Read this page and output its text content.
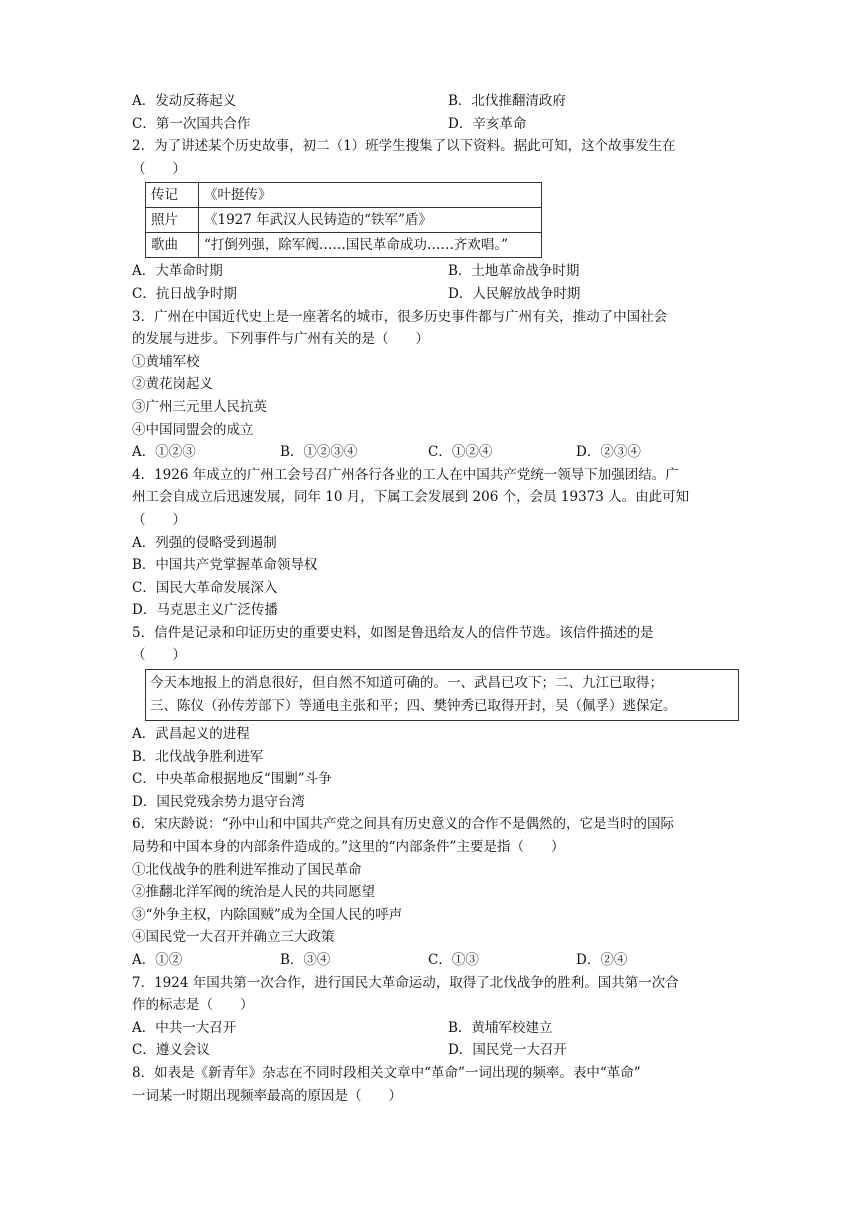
A．发动反蒋起义	B．北伐推翻清政府
C．第一次国共合作	D．辛亥革命
2．为了讲述某个历史故事，初二（1）班学生搜集了以下资料。据此可知，这个故事发生在
（　　）
传记	《叶挺传》
照片	《1927 年武汉人民铸造的“铁军”盾》
歌曲	“打倒列强，除军阀……国民革命成功……齐欢唱。”
A．大革命时期	B．土地革命战争时期
C．抗日战争时期	D．人民解放战争时期
3．广州在中国近代史上是一座著名的城市，很多历史事件都与广州有关，推动了中国社会
的发展与进步。下列事件与广州有关的是（　　）
①黄埔军校
②黄花岗起义
③广州三元里人民抗英
④中国同盟会的成立
A．①②③	B．①②③④	C．①②④	D．②③④
4．1926 年成立的广州工会号召广州各行各业的工人在中国共产党统一领导下加强团结。广
州工会自成立后迅速发展，同年 10 月，下属工会发展到 206 个，会员 19373 人。由此可知
（　　）
A．列强的侵略受到遏制
B．中国共产党掌握革命领导权
C．国民大革命发展深入
D．马克思主义广泛传播
5．信件是记录和印证历史的重要史料，如图是鲁迅给友人的信件节选。该信件描述的是
（　　）
今天本地报上的消息很好，但自然不知道可确的。一、武昌已攻下；二、九江已取得；
三、陈仪（孙传芳部下）等通电主张和平；四、樊钟秀已取得开封，吴（佩孚）逃保定。
A．武昌起义的进程
B．北伐战争胜利进军
C．中央革命根据地反“围剿”斗争
D．国民党残余势力退守台湾
6．宋庆龄说：“孙中山和中国共产党之间具有历史意义的合作不是偶然的，它是当时的国际
局势和中国本身的内部条件造成的。”这里的“内部条件”主要是指（　　）
①北伐战争的胜利进军推动了国民革命
②推翻北洋军阀的统治是人民的共同愿望
③“外争主权，内除国贼”成为全国人民的呼声
④国民党一大召开并确立三大政策
A．①②	B．③④	C．①③	D．②④
7．1924 年国共第一次合作，进行国民大革命运动，取得了北伐战争的胜利。国共第一次合
作的标志是（　　）
A．中共一大召开	B．黄埔军校建立
C．遵义会议	D．国民党一大召开
8．如表是《新青年》杂志在不同时段相关文章中“革命”一词出现的频率。表中“革命”
一词某一时期出现频率最高的原因是（　　）
